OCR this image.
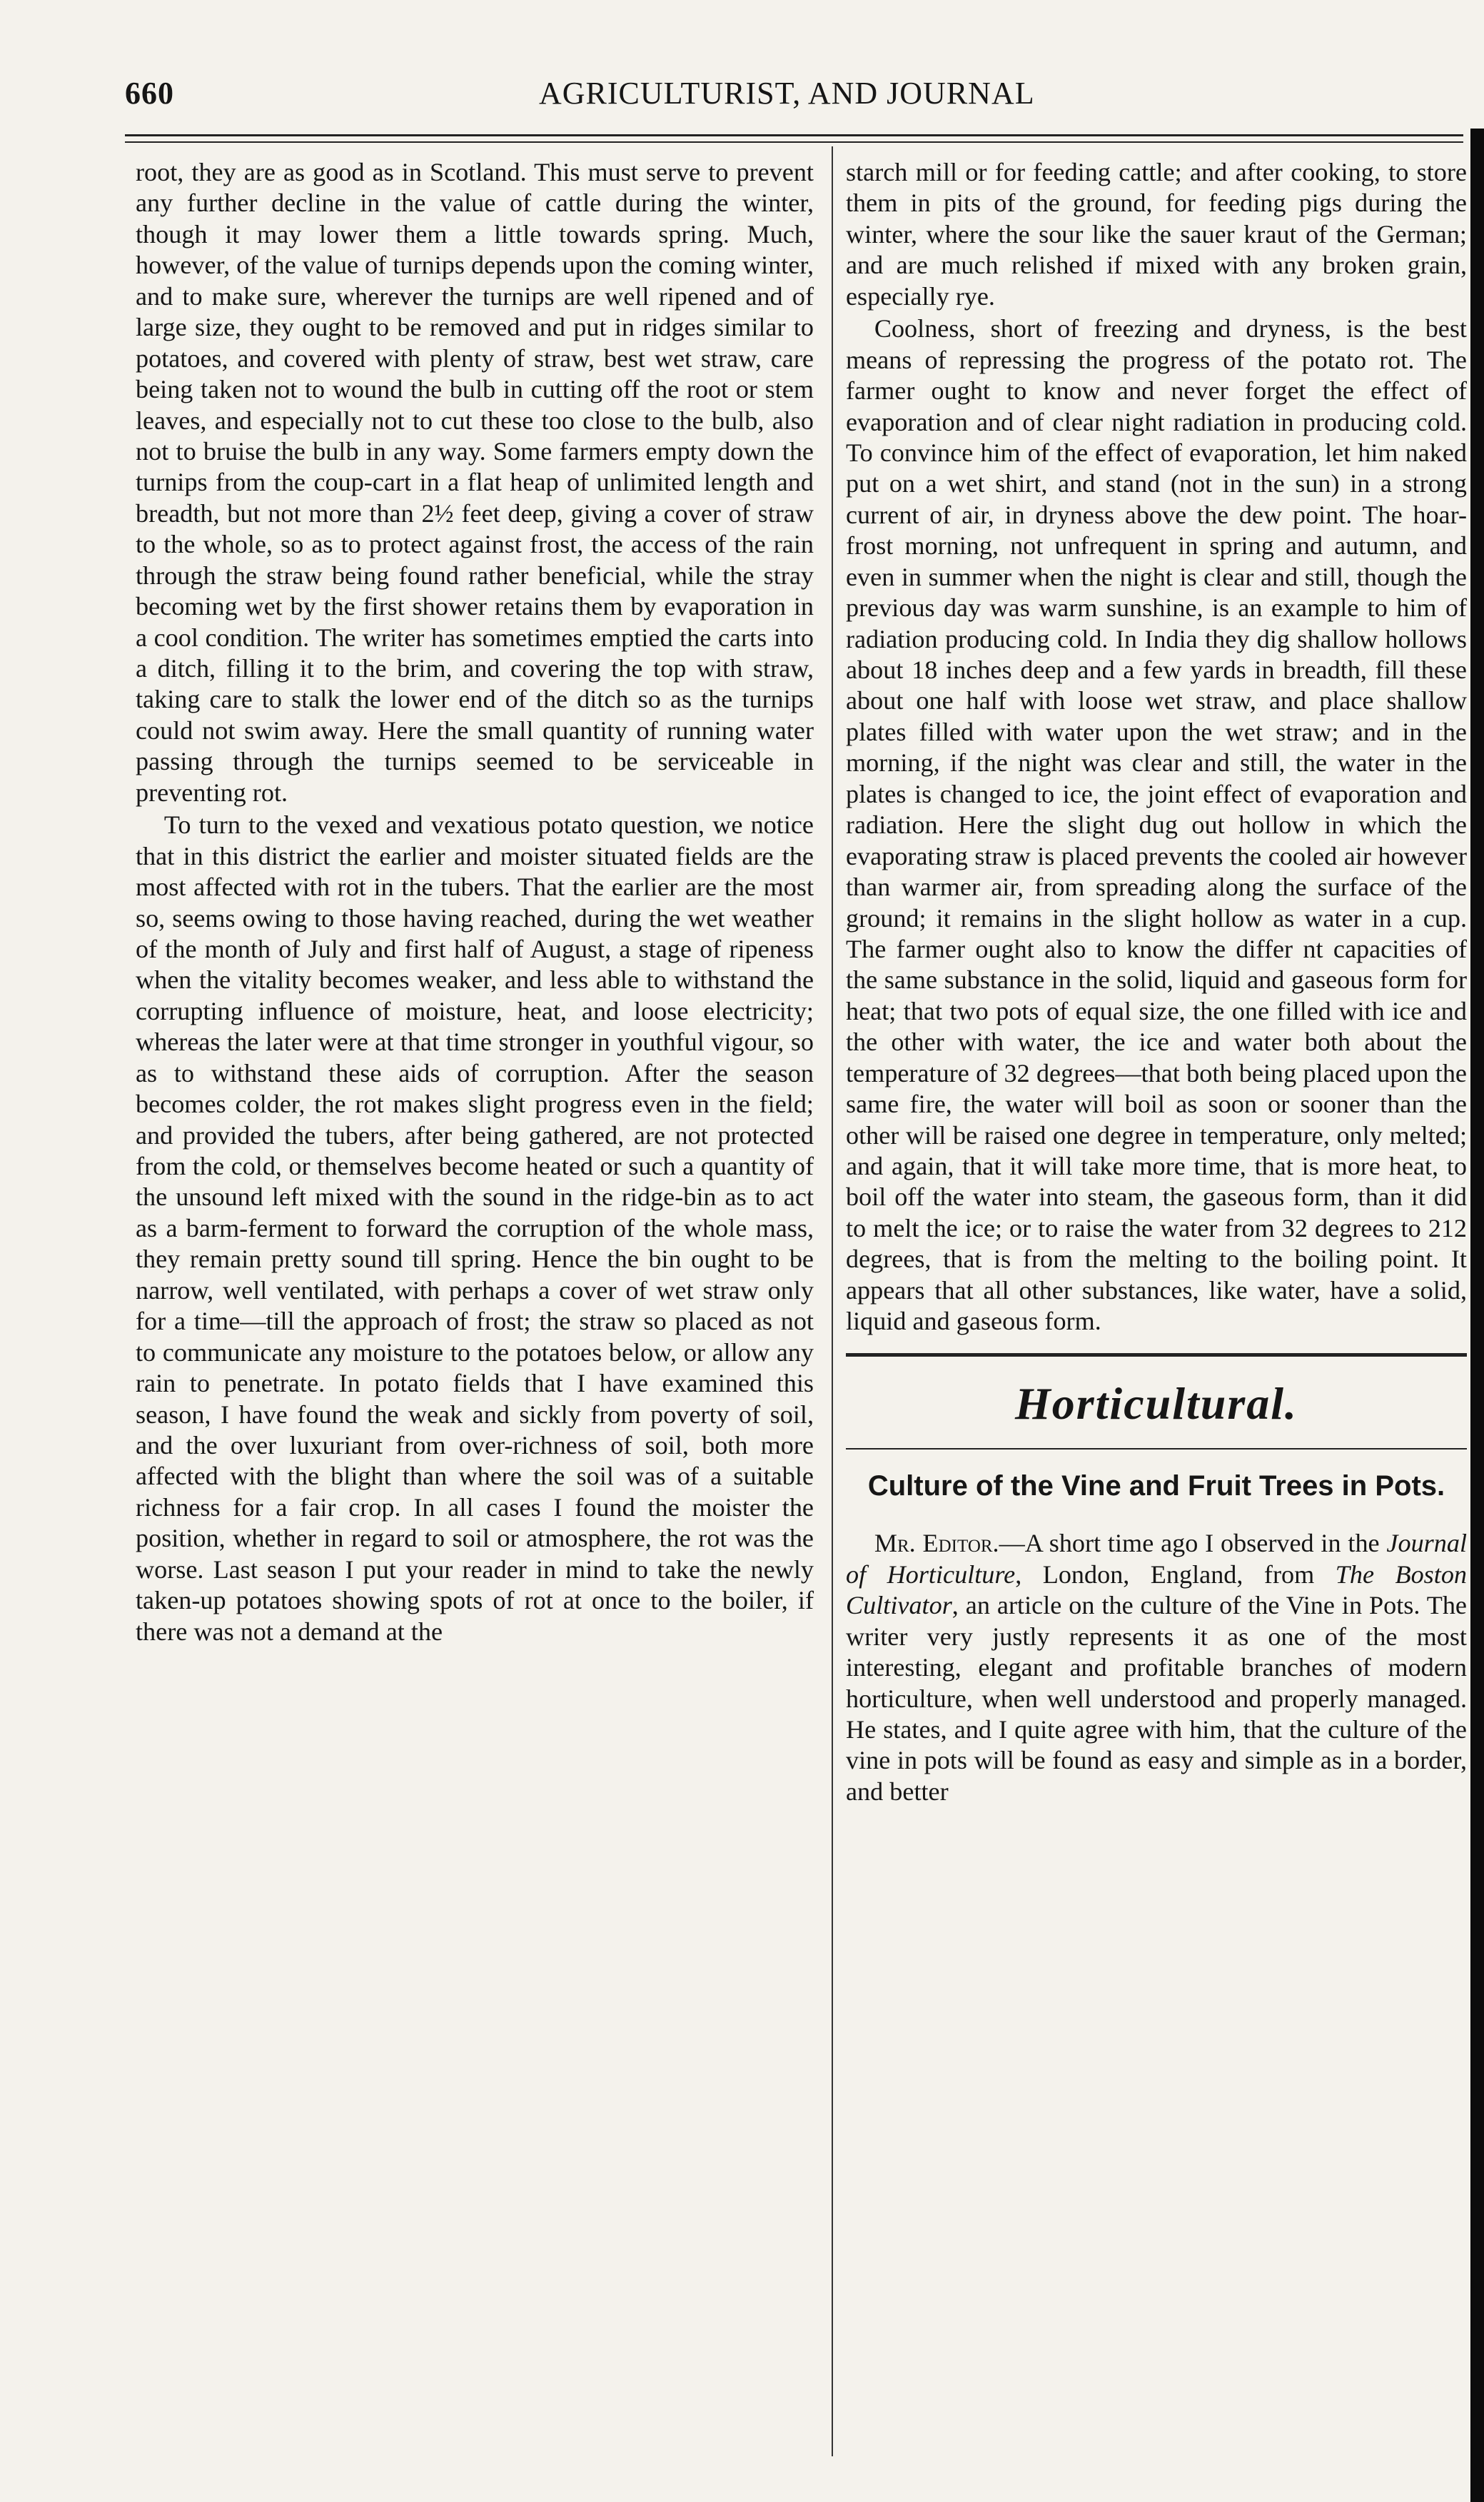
660	AGRICULTURIST, AND JOURNAL

root, they are as good as in Scotland. This must serve to prevent any further decline in the value of cattle during the winter, though it may lower them a little towards spring. Much, however, of the value of turnips depends upon the coming winter, and to make sure, wherever the turnips are well ripened and of large size, they ought to be removed and put in ridges similar to potatoes, and covered with plenty of straw, best wet straw, care being taken not to wound the bulb in cutting off the root or stem leaves, and especially not to cut these too close to the bulb, also not to bruise the bulb in any way. Some farmers empty down the turnips from the coup-cart in a flat heap of unlimited length and breadth, but not more than 2½ feet deep, giving a cover of straw to the whole, so as to protect against frost, the access of the rain through the straw being found rather beneficial, while the stray becoming wet by the first shower retains them by evaporation in a cool condition. The writer has sometimes emptied the carts into a ditch, filling it to the brim, and covering the top with straw, taking care to stalk the lower end of the ditch so as the turnips could not swim away. Here the small quantity of running water passing through the turnips seemed to be serviceable in preventing rot.

To turn to the vexed and vexatious potato question, we notice that in this district the earlier and moister situated fields are the most affected with rot in the tubers. That the earlier are the most so, seems owing to those having reached, during the wet weather of the month of July and first half of August, a stage of ripeness when the vitality becomes weaker, and less able to withstand the corrupting influence of moisture, heat, and loose electricity; whereas the later were at that time stronger in youthful vigour, so as to withstand these aids of corruption. After the season becomes colder, the rot makes slight progress even in the field; and provided the tubers, after being gathered, are not protected from the cold, or themselves become heated or such a quantity of the unsound left mixed with the sound in the ridge-bin as to act as a barm-ferment to forward the corruption of the whole mass, they remain pretty sound till spring. Hence the bin ought to be narrow, well ventilated, with perhaps a cover of wet straw only for a time—till the approach of frost; the straw so placed as not to communicate any moisture to the potatoes below, or allow any rain to penetrate. In potato fields that I have examined this season, I have found the weak and sickly from poverty of soil, and the over luxuriant from over-richness of soil, both more affected with the blight than where the soil was of a suitable richness for a fair crop. In all cases I found the moister the position, whether in regard to soil or atmosphere, the rot was the worse. Last season I put your reader in mind to take the newly taken-up potatoes showing spots of rot at once to the boiler, if there was not a demand at the

starch mill or for feeding cattle; and after cooking, to store them in pits of the ground, for feeding pigs during the winter, where the sour like the sauer kraut of the German; and are much relished if mixed with any broken grain, especially rye.

Coolness, short of freezing and dryness, is the best means of repressing the progress of the potato rot. The farmer ought to know and never forget the effect of evaporation and of clear night radiation in producing cold. To convince him of the effect of evaporation, let him naked put on a wet shirt, and stand (not in the sun) in a strong current of air, in dryness above the dew point. The hoar-frost morning, not unfrequent in spring and autumn, and even in summer when the night is clear and still, though the previous day was warm sunshine, is an example to him of radiation producing cold. In India they dig shallow hollows about 18 inches deep and a few yards in breadth, fill these about one half with loose wet straw, and place shallow plates filled with water upon the wet straw; and in the morning, if the night was clear and still, the water in the plates is changed to ice, the joint effect of evaporation and radiation. Here the slight dug out hollow in which the evaporating straw is placed prevents the cooled air however than warmer air, from spreading along the surface of the ground; it remains in the slight hollow as water in a cup. The farmer ought also to know the differ nt capacities of the same substance in the solid, liquid and gaseous form for heat; that two pots of equal size, the one filled with ice and the other with water, the ice and water both about the temperature of 32 degrees—that both being placed upon the same fire, the water will boil as soon or sooner than the other will be raised one degree in temperature, only melted; and again, that it will take more time, that is more heat, to boil off the water into steam, the gaseous form, than it did to melt the ice; or to raise the water from 32 degrees to 212 degrees, that is from the melting to the boiling point. It appears that all other substances, like water, have a solid, liquid and gaseous form.

Horticultural.
Culture of the Vine and Fruit Trees in Pots.

Mr. Editor.—A short time ago I observed in the Journal of Horticulture, London, England, from The Boston Cultivator, an article on the culture of the Vine in Pots. The writer very justly represents it as one of the most interesting, elegant and profitable branches of modern horticulture, when well understood and properly managed. He states, and I quite agree with him, that the culture of the vine in pots will be found as easy and simple as in a border, and better
